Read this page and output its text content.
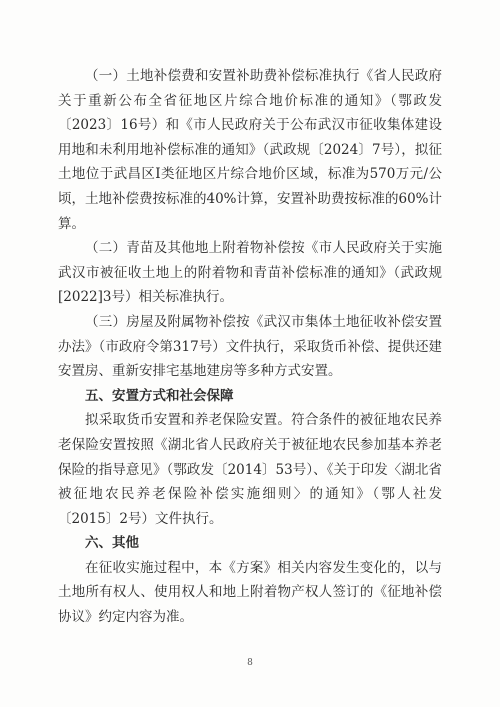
（一）土地补偿费和安置补助费补偿标准执行《省人民政府关于重新公布全省征地区片综合地价标准的通知》（鄂政发〔2023〕16号）和《市人民政府关于公布武汉市征收集体建设用地和未利用地补偿标准的通知》（武政规〔2024〕7号），拟征土地位于武昌区Ⅰ类征地区片综合地价区域，标准为570万元/公顷，土地补偿费按标准的40%计算，安置补助费按标准的60%计算。

（二）青苗及其他地上附着物补偿按《市人民政府关于实施武汉市被征收土地上的附着物和青苗补偿标准的通知》（武政规[2022]3号）相关标准执行。

（三）房屋及附属物补偿按《武汉市集体土地征收补偿安置办法》（市政府令第317号）文件执行，采取货币补偿、提供还建安置房、重新安排宅基地建房等多种方式安置。

五、安置方式和社会保障

拟采取货币安置和养老保险安置。符合条件的被征地农民养老保险安置按照《湖北省人民政府关于被征地农民参加基本养老保险的指导意见》（鄂政发〔2014〕53号）、《关于印发〈湖北省被征地农民养老保险补偿实施细则〉的通知》（鄂人社发〔2015〕2号）文件执行。

六、其他

在征收实施过程中，本《方案》相关内容发生变化的，以与土地所有权人、使用权人和地上附着物产权人签订的《征地补偿协议》约定内容为准。

8
